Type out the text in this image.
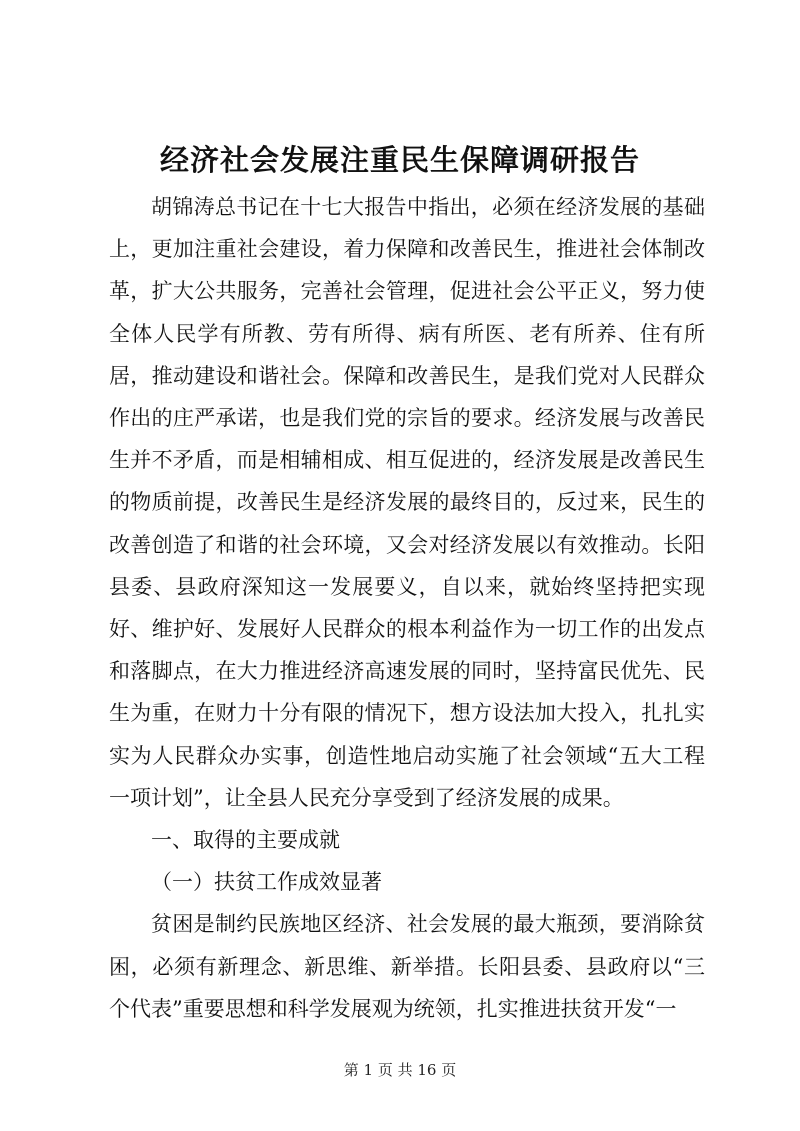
经济社会发展注重民生保障调研报告

胡锦涛总书记在十七大报告中指出，必须在经济发展的基础上，更加注重社会建设，着力保障和改善民生，推进社会体制改革，扩大公共服务，完善社会管理，促进社会公平正义，努力使全体人民学有所教、劳有所得、病有所医、老有所养、住有所居，推动建设和谐社会。保障和改善民生，是我们党对人民群众作出的庄严承诺，也是我们党的宗旨的要求。经济发展与改善民生并不矛盾，而是相辅相成、相互促进的，经济发展是改善民生的物质前提，改善民生是经济发展的最终目的，反过来，民生的改善创造了和谐的社会环境，又会对经济发展以有效推动。长阳县委、县政府深知这一发展要义，自以来，就始终坚持把实现好、维护好、发展好人民群众的根本利益作为一切工作的出发点和落脚点，在大力推进经济高速发展的同时，坚持富民优先、民生为重，在财力十分有限的情况下，想方设法加大投入，扎扎实实为人民群众办实事，创造性地启动实施了社会领域“五大工程一项计划”，让全县人民充分享受到了经济发展的成果。

一、取得的主要成就

（一）扶贫工作成效显著

贫困是制约民族地区经济、社会发展的最大瓶颈，要消除贫困，必须有新理念、新思维、新举措。长阳县委、县政府以“三个代表”重要思想和科学发展观为统领，扎实推进扶贫开发“一

第 1 页 共 16 页
